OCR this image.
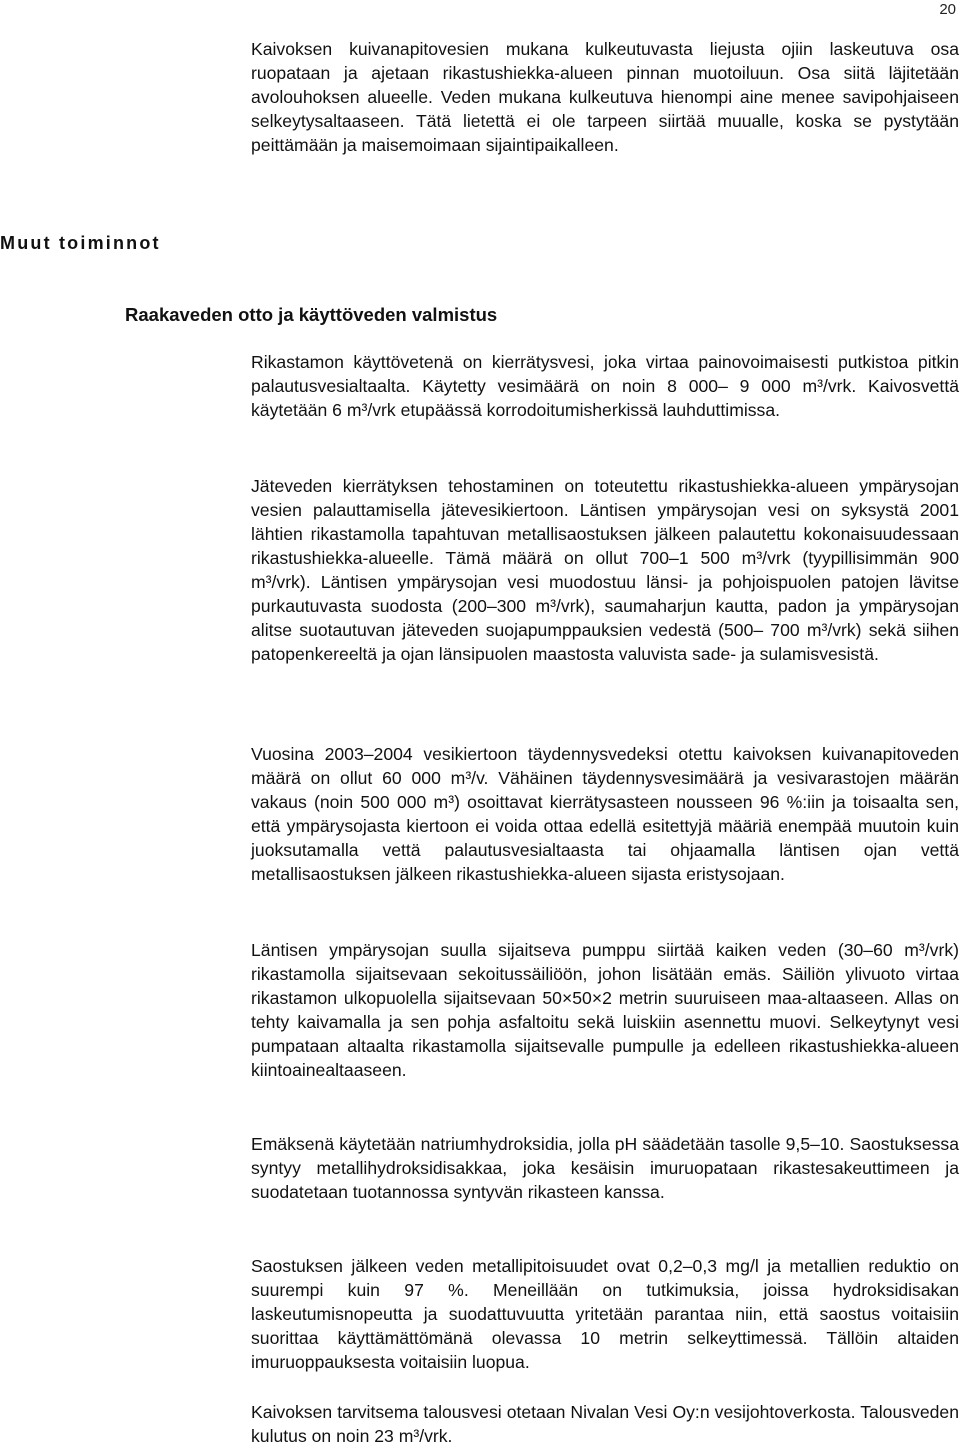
20

Kaivoksen kuivanapitovesien mukana kulkeutuvasta liejusta ojiin laskeutuva osa ruopataan ja ajetaan rikastushiekka-alueen pinnan muotoiluun. Osa siitä läjitetään avolouhoksen alueelle. Veden mukana kulkeutuva hienompi aine menee savipohjaiseen selkeytysaltaaseen. Tätä lietettä ei ole tarpeen siirtää muualle, koska se pystytään peittämään ja maisemoimaan sijaintipaikalleen.

Muut toiminnot
Raakaveden otto ja käyttöveden valmistus

Rikastamon käyttövetenä on kierrätysvesi, joka virtaa painovoimaisesti putkistoa pitkin palautusvesialtaalta. Käytetty vesimäärä on noin 8 000– 9 000 m³/vrk. Kaivosvettä käytetään 6 m³/vrk etupäässä korrodoitumisherkissä lauhduttimissa.

Jäteveden kierrätyksen tehostaminen on toteutettu rikastushiekka-alueen ympärysojan vesien palauttamisella jätevesikiertoon. Läntisen ympärysojan vesi on syksystä 2001 lähtien rikastamolla tapahtuvan metallisaostuksen jälkeen palautettu kokonaisuudessaan rikastushiekka-alueelle. Tämä määrä on ollut 700–1 500 m³/vrk (tyypillisimmän 900 m³/vrk). Läntisen ympärysojan vesi muodostuu länsi- ja pohjoispuolen patojen lävitse purkautuvasta suodosta (200–300 m³/vrk), saumaharjun kautta, padon ja ympärysojan alitse suotautuvan jäteveden suojapumppauksien vedestä (500– 700 m³/vrk) sekä siihen patopenkereeltä ja ojan länsipuolen maastosta valuvista sade- ja sulamisvesistä.

Vuosina 2003–2004 vesikiertoon täydennysvedeksi otettu kaivoksen kuivanapitoveden määrä on ollut 60 000 m³/v. Vähäinen täydennysvesimäärä ja vesivarastojen määrän vakaus (noin 500 000 m³) osoittavat kierrätysasteen nousseen 96 %:iin ja toisaalta sen, että ympärysojasta kiertoon ei voida ottaa edellä esitettyjä määriä enempää muutoin kuin juoksutamalla vettä palautusvesialtaasta tai ohjaamalla läntisen ojan vettä metallisaostuksen jälkeen rikastushiekka-alueen sijasta eristysojaan.

Läntisen ympärysojan suulla sijaitseva pumppu siirtää kaiken veden (30–60 m³/vrk) rikastamolla sijaitsevaan sekoitussäiliöön, johon lisätään emäs. Säiliön ylivuoto virtaa rikastamon ulkopuolella sijaitsevaan 50×50×2 metrin suuruiseen maa-altaaseen. Allas on tehty kaivamalla ja sen pohja asfaltoitu sekä luiskiin asennettu muovi. Selkeytynyt vesi pumpataan altaalta rikastamolla sijaitsevalle pumpulle ja edelleen rikastushiekka-alueen kiintoainealtaaseen.

Emäksenä käytetään natriumhydroksidia, jolla pH säädetään tasolle 9,5–10. Saostuksessa syntyy metallihydroksidisakkaa, joka kesäisin imuruopataan rikastesakeuttimeen ja suodatetaan tuotannossa syntyvän rikasteen kanssa.

Saostuksen jälkeen veden metallipitoisuudet ovat 0,2–0,3 mg/l ja metallien reduktio on suurempi kuin 97 %. Meneillään on tutkimuksia, joissa hydroksidisakan laskeutumisnopeutta ja suodattuvuutta yritetään parantaa niin, että saostus voitaisiin suorittaa käyttämättömänä olevassa 10 metrin selkeyttimessä. Tällöin altaiden imuruoppauksesta voitaisiin luopua.

Kaivoksen tarvitsema talousvesi otetaan Nivalan Vesi Oy:n vesijohtoverkosta. Talousveden kulutus on noin 23 m³/vrk.
